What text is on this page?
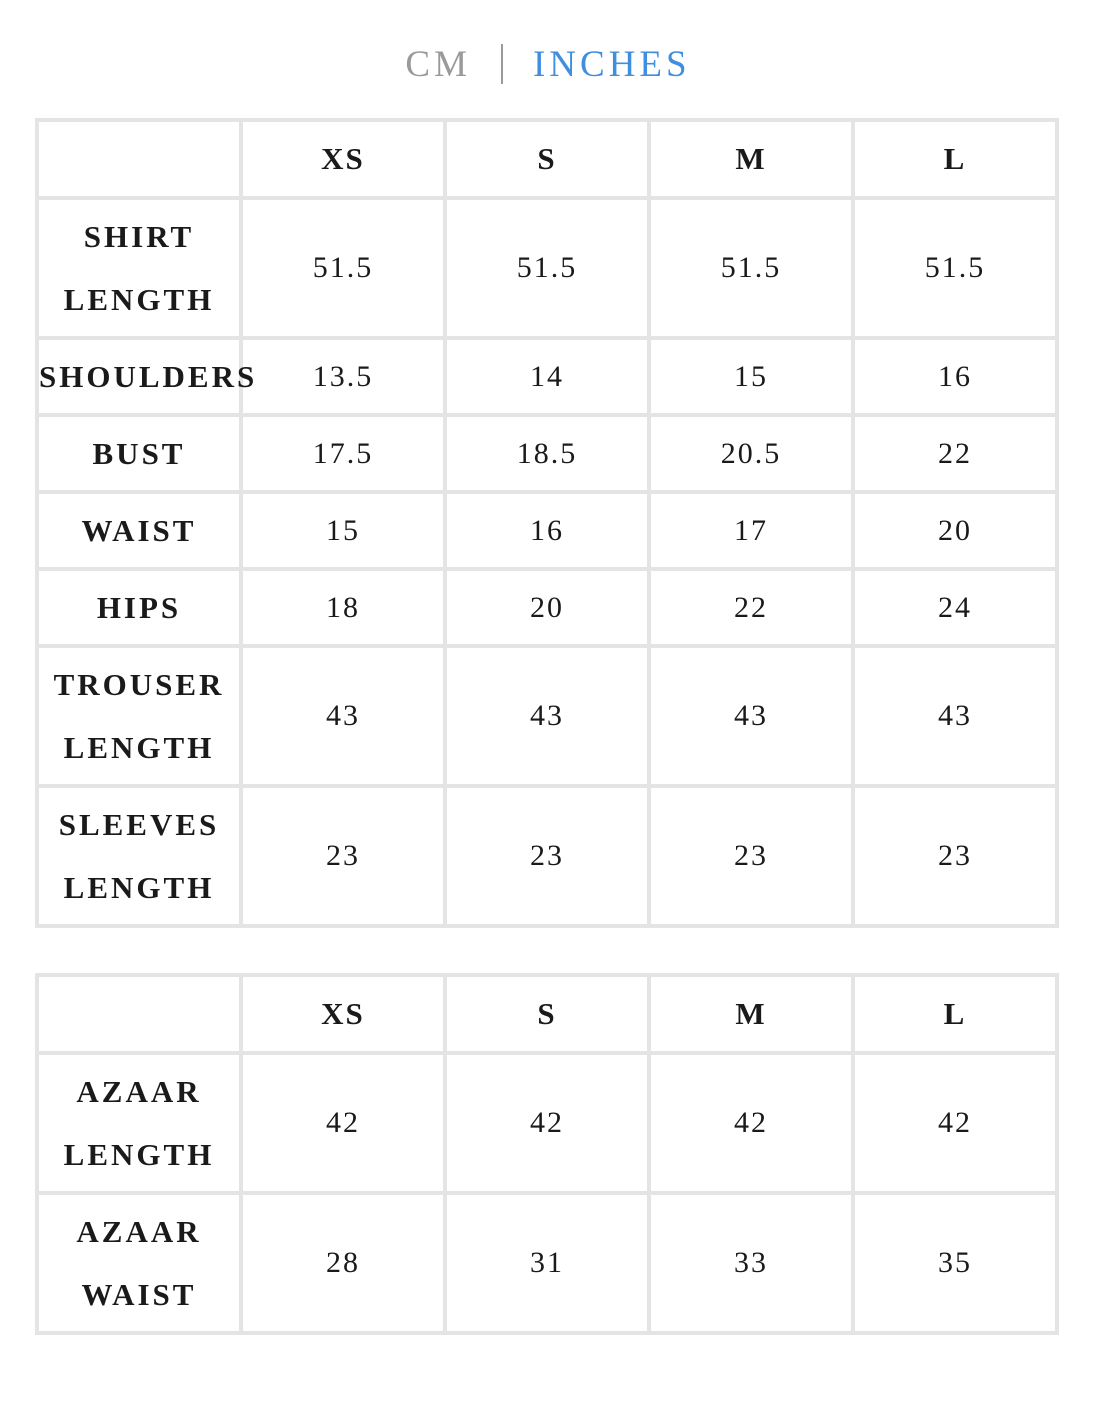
CM	INCHES
	XS	S	M	L

SHIRT
LENGTH	51.5	51.5	51.5	51.5

SHOULDERS	13.5	14	15	16

BUST	17.5	18.5	20.5	22

WAIST	15	16	17	20

HIPS	18	20	22	24

TROUSER
LENGTH	43	43	43	43

SLEEVES
LENGTH	23	23	23	23
	XS	S	M	L

AZAAR
LENGTH	42	42	42	42

AZAAR
WAIST	28	31	33	35
